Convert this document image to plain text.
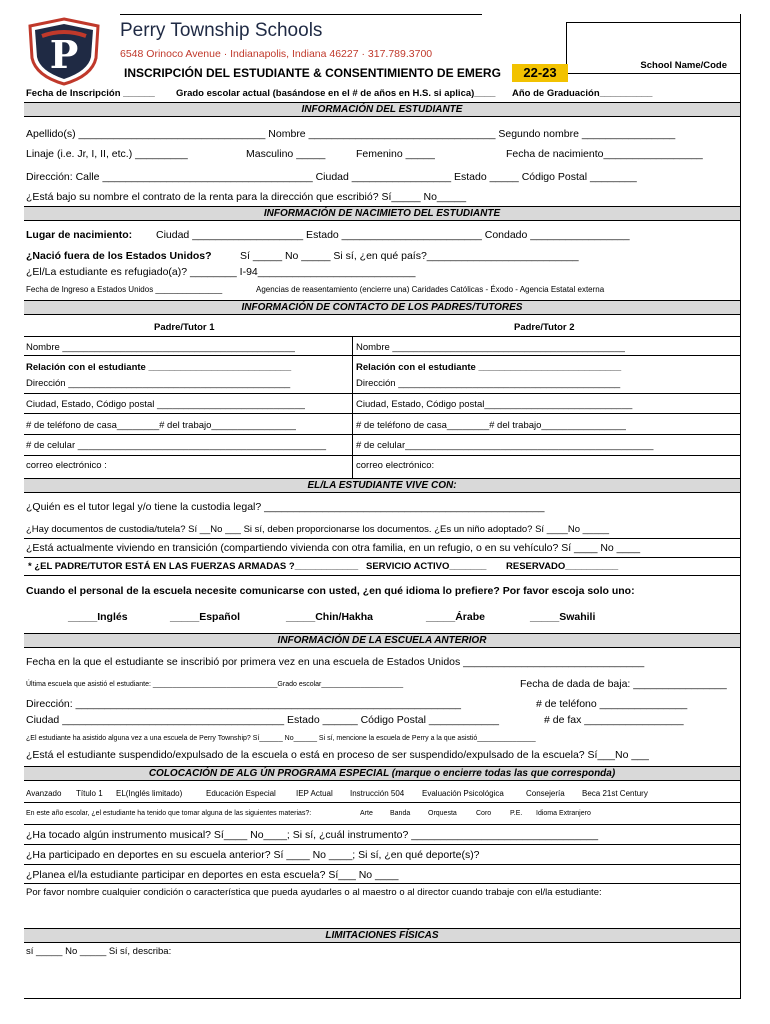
P
Perry Township Schools
6548 Orinoco Avenue · Indianapolis, Indiana 46227 · 317.789.3700
School Name/Code
INSCRIPCIÓN DEL ESTUDIANTE & CONSENTIMIENTO DE EMERG	22-23
Fecha de Inscripción ______ Grado escolar actual (basándose en el # de años en H.S. si aplica)____ Año de Graduación__________
INFORMACIÓN DEL ESTUDIANTE
Apellido(s) ________________________________ Nombre ________________________________ Segundo nombre ________________
Linaje (i.e. Jr, I, II, etc.) _________	Masculino _____	Femenino _____	Fecha de nacimiento_________________
Dirección: Calle ____________________________________ Ciudad _________________ Estado _____ Código Postal ________
¿Está bajo su nombre el contrato de la renta para la dirección que escribió? Sí_____ No_____
INFORMACIÓN DE NACIMIETO DEL ESTUDIANTE
Lugar de nacimiento: Ciudad ___________________ Estado ________________________ Condado _________________
¿Nació fuera de los Estados Unidos?	Sí _____ No _____ Si sí, ¿en qué país?__________________________
¿El/La estudiante es refugiado(a)? ________ I-94___________________________
Fecha de Ingreso a Estados Unidos _______________	Agencias de reasentamiento (encierre una) Caridades Católicas - Éxodo - Agencia Estatal externa
INFORMACIÓN DE CONTACTO DE LOS PADRES/TUTORES
Padre/Tutor 1	Padre/Tutor 2
Nombre ____________________________________________	Nombre ____________________________________________
Relación con el estudiante ___________________________	Relación con el estudiante ___________________________
Dirección __________________________________________	Dirección __________________________________________
Ciudad, Estado, Código postal ____________________________	Ciudad, Estado, Código postal____________________________
# de teléfono de casa________# del trabajo________________	# de teléfono de casa________# del trabajo________________
# de celular _______________________________________________	# de celular_______________________________________________
correo electrónico :	correo electrónico:
EL/LA ESTUDIANTE VIVE CON:
¿Quién es el tutor legal y/o tiene la custodia legal? ________________________________________________
¿Hay documentos de custodia/tutela? Sí __No ___ Si sí, deben proporcionarse los documentos. ¿Es un niño adoptado? Sí ____No _____
¿Está actualmente viviendo en transición (compartiendo vivienda con otra familia, en un refugio, o en su vehículo? Sí ____ No ____
* ¿EL PADRE/TUTOR ESTÁ EN LAS FUERZAS ARMADAS ?____________ SERVICIO ACTIVO_______ RESERVADO__________
Cuando el personal de la escuela necesite comunicarse con usted, ¿en qué idioma lo prefiere? Por favor escoja solo uno:
_____Inglés	_____Español	_____Chin/Hakha	_____Árabe	_____Swahili
INFORMACIÓN DE LA ESCUELA ANTERIOR
Fecha en la que el estudiante se inscribió por primera vez en una escuela de Estados Unidos _______________________________
Última escuela que asistió el estudiante: ________________________________Grado escolar_____________________	Fecha de dada de baja: ________________
Dirección: __________________________________________________________________	# de teléfono _______________
Ciudad ______________________________________ Estado ______ Código Postal ____________	# de fax _________________
¿El estudiante ha asistido alguna vez a una escuela de Perry Township? Sí______ No______ Si sí, mencione la escuela de Perry a la que asistió_______________
¿Está el estudiante suspendido/expulsado de la escuela o está en proceso de ser suspendido/expulsado de la escuela? Sí___No ___
COLOCACIÓN DE ALG ÚN PROGRAMA ESPECIAL (marque o encierre todas las que corresponda)
Avanzado Título 1 EL(Inglés limitado)	Educación Especial	IEP Actual Instrucción 504 Evaluación Psicológica	Consejería Beca 21st Century
En este año escolar, ¿el estudiante ha tenido que tomar alguna de las siguientes materias?:	Arte Banda	Orquesta	Coro	P.E. Idioma Extranjero
¿Ha tocado algún instrumento musical? Sí____ No____; Si sí, ¿cuál instrumento? ________________________________
¿Ha participado en deportes en su escuela anterior? Sí ____ No ____; Si sí, ¿en qué deporte(s)?
¿Planea el/la estudiante participar en deportes en esta escuela? Sí___ No ____
Por favor nombre cualquier condición o característica que pueda ayudarles o al maestro o al director cuando trabaje con el/la estudiante:
LIMITACIONES FÍSICAS
sí _____ No _____ Si sí, describa:
